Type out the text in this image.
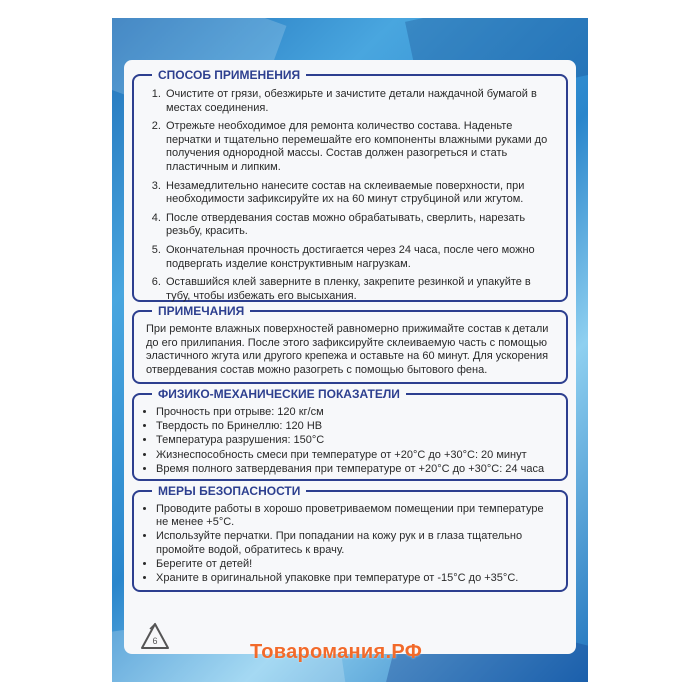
СПОСОБ ПРИМЕНЕНИЯ
1. Очистите от грязи, обезжирьте и зачистите детали наждачной бумагой в местах соединения.
2. Отрежьте необходимое для ремонта количество состава. Наденьте перчатки и тщательно перемешайте его компоненты влажными руками до получения однородной массы. Состав должен разогреться и стать пластичным и липким.
3. Незамедлительно нанесите состав на склеиваемые поверхности, при необходимости зафиксируйте их на 60 минут струбциной или жгутом.
4. После отвердевания состав можно обрабатывать, сверлить, нарезать резьбу, красить.
5. Окончательная прочность достигается через 24 часа, после чего можно подвергать изделие конструктивным нагрузкам.
6. Оставшийся клей заверните в пленку, закрепите резинкой и упакуйте в тубу, чтобы избежать его высыхания.
ПРИМЕЧАНИЯ

При ремонте влажных поверхностей равномерно прижимайте состав к детали до его прилипания. После этого зафиксируйте склеиваемую часть с помощью эластичного жгута или другого крепежа и оставьте на 60 минут. Для ускорения отвердевания состав можно разогреть с помощью бытового фена.

ФИЗИКО-МЕХАНИЧЕСКИЕ ПОКАЗАТЕЛИ
• Прочность при отрыве: 120 кг/см
• Твердость по Бринеллю: 120 НВ
• Температура разрушения: 150°С
• Жизнеспособность смеси при температуре от +20°С до +30°С: 20 минут
• Время полного затвердевания при температуре от +20°С до +30°С: 24 часа
МЕРЫ БЕЗОПАСНОСТИ
• Проводите работы в хорошо проветриваемом помещении при температуре не менее +5°С.
• Используйте перчатки. При попадании на кожу рук и в глаза тщательно промойте водой, обратитесь к врачу.
• Берегите от детей!
• Храните в оригинальной упаковке при температуре от -15°С до +35°С.
6	Товаромания.РФ
